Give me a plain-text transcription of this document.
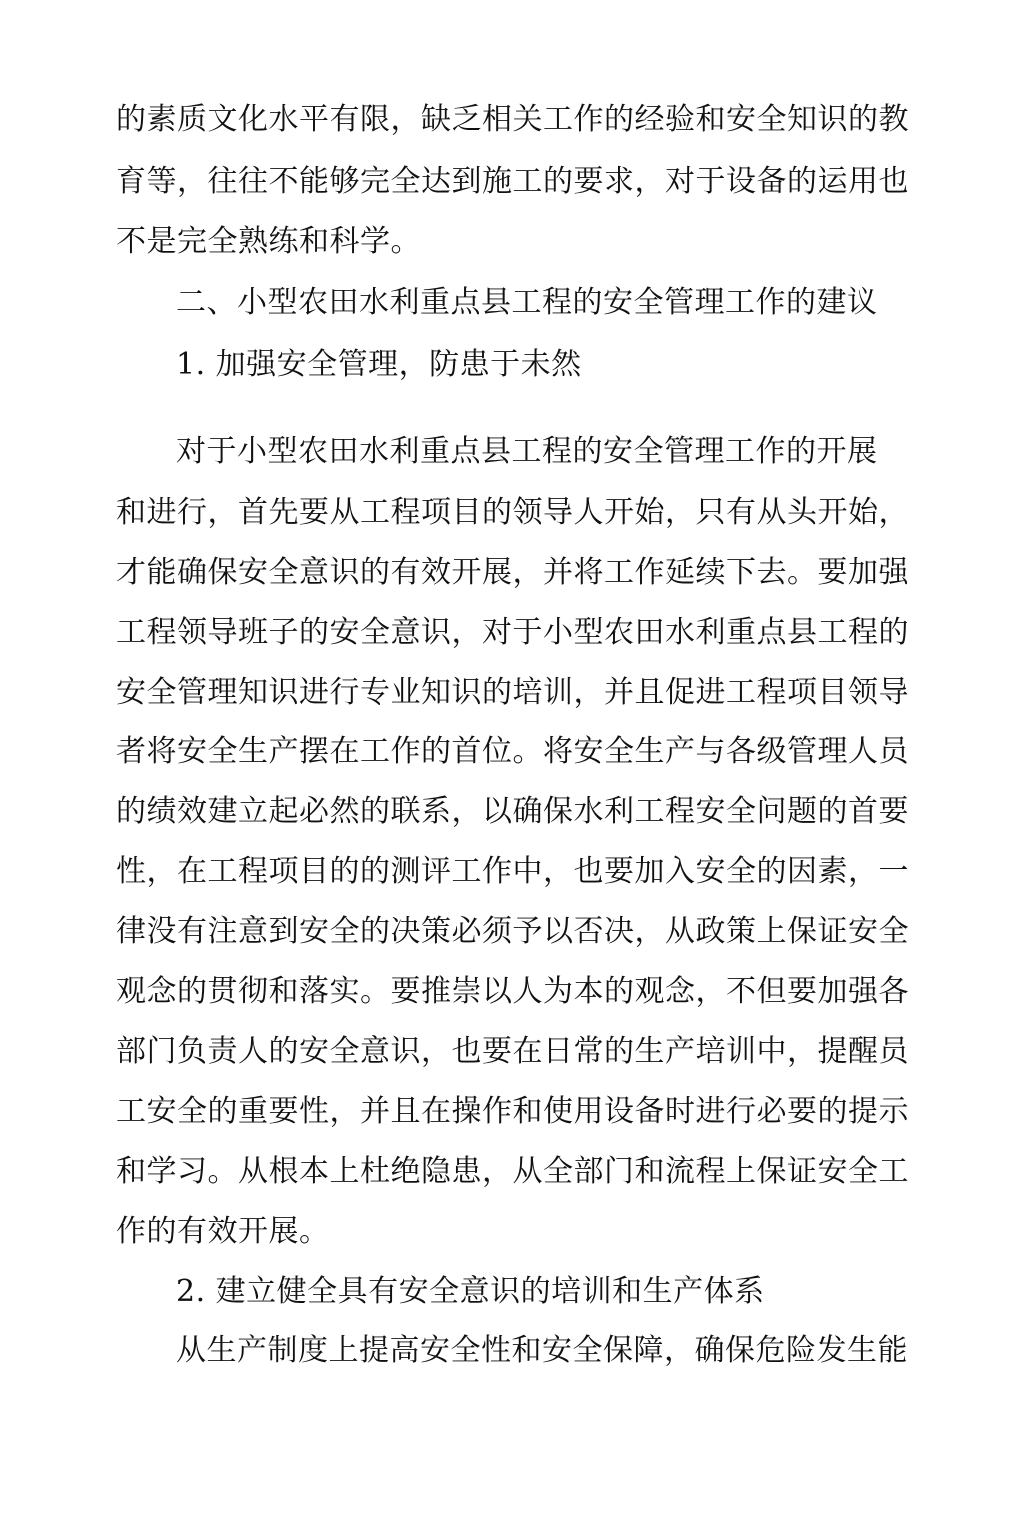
的素质文化水平有限，缺乏相关工作的经验和安全知识的教
育等，往往不能够完全达到施工的要求，对于设备的运用也
不是完全熟练和科学。
二、小型农田水利重点县工程的安全管理工作的建议
1. 加强安全管理，防患于未然
对于小型农田水利重点县工程的安全管理工作的开展
和进行，首先要从工程项目的领导人开始，只有从头开始，
才能确保安全意识的有效开展，并将工作延续下去。要加强
工程领导班子的安全意识，对于小型农田水利重点县工程的
安全管理知识进行专业知识的培训，并且促进工程项目领导
者将安全生产摆在工作的首位。将安全生产与各级管理人员
的绩效建立起必然的联系，以确保水利工程安全问题的首要
性，在工程项目的的测评工作中，也要加入安全的因素，一
律没有注意到安全的决策必须予以否决，从政策上保证安全
观念的贯彻和落实。要推崇以人为本的观念，不但要加强各
部门负责人的安全意识，也要在日常的生产培训中，提醒员
工安全的重要性，并且在操作和使用设备时进行必要的提示
和学习。从根本上杜绝隐患，从全部门和流程上保证安全工
作的有效开展。
2. 建立健全具有安全意识的培训和生产体系
从生产制度上提高安全性和安全保障，确保危险发生能
